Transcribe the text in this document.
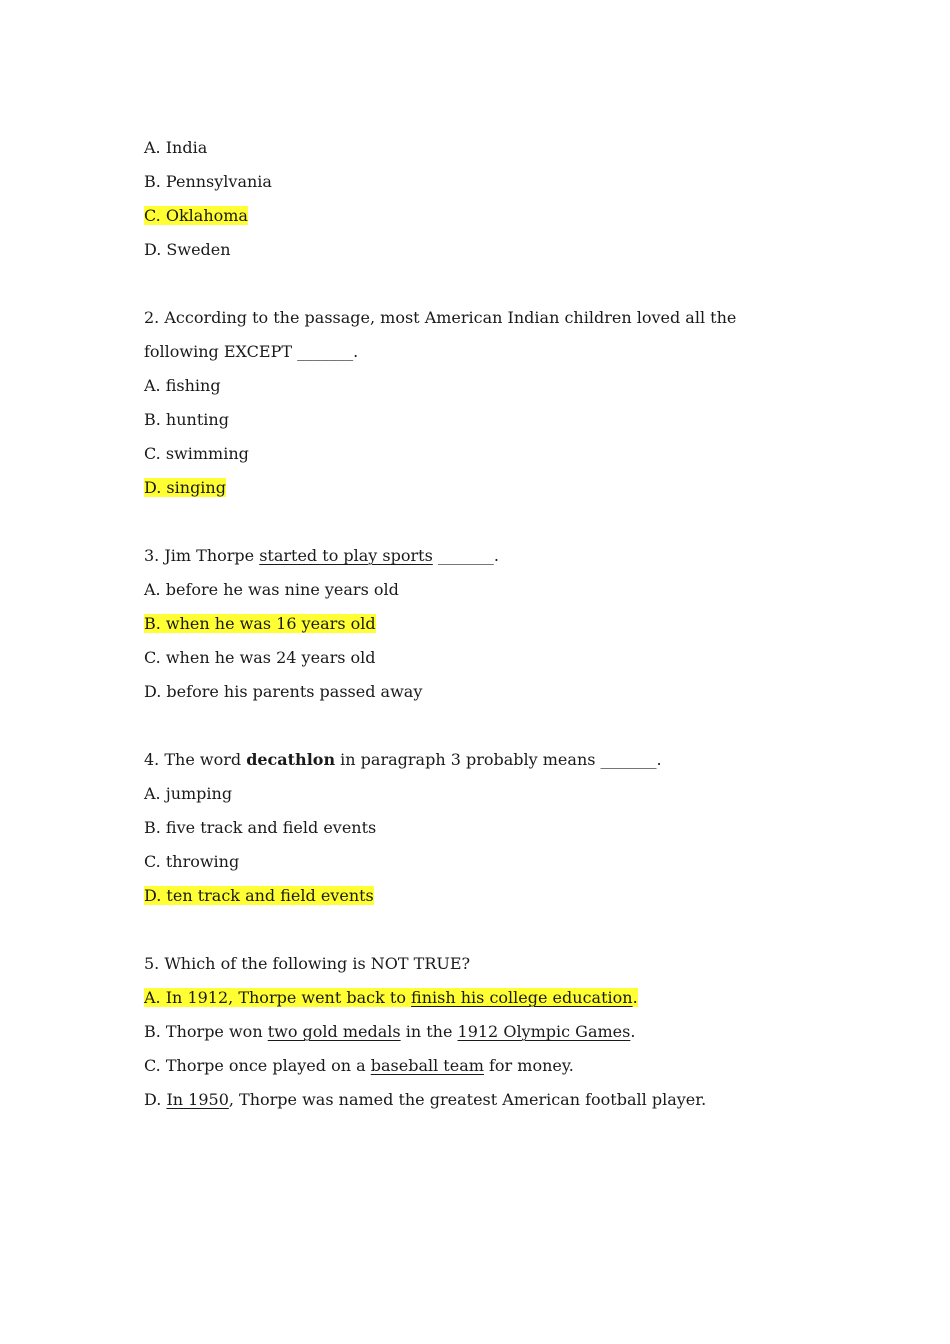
A. India
B. Pennsylvania
C. Oklahoma
D. Sweden
2. According to the passage, most American Indian children loved all the
following EXCEPT _______.
A. fishing
B. hunting
C. swimming
D. singing
3. Jim Thorpe started to play sports _______.
A. before he was nine years old
B. when he was 16 years old
C. when he was 24 years old
D. before his parents passed away
4. The word decathlon in paragraph 3 probably means _______.
A. jumping
B. five track and field events
C. throwing
D. ten track and field events
5. Which of the following is NOT TRUE?
A. In 1912, Thorpe went back to finish his college education.
B. Thorpe won two gold medals in the 1912 Olympic Games.
C. Thorpe once played on a baseball team for money.
D. In 1950, Thorpe was named the greatest American football player.
